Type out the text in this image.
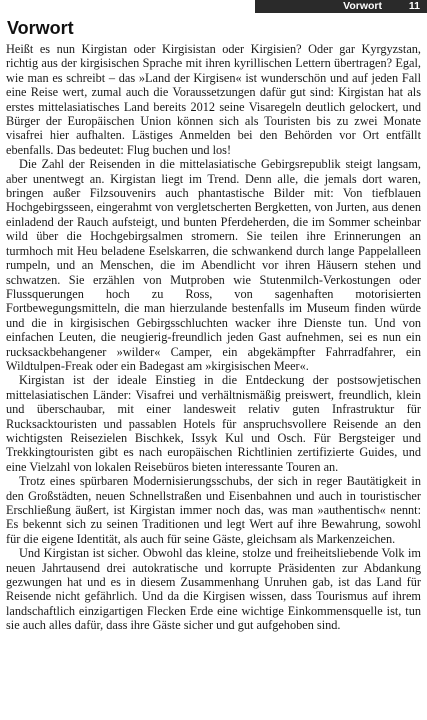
Vorwort	11
Vorwort

Heißt es nun Kirgistan oder Kirgisistan oder Kirgisien? Oder gar Kyrgyzstan, richtig aus der kirgisischen Sprache mit ihren kyrillischen Lettern übertragen? Egal, wie man es schreibt – das »Land der Kirgisen« ist wunderschön und auf jeden Fall eine Reise wert, zumal auch die Voraussetzungen dafür gut sind: Kirgistan hat als erstes mittelasiatisches Land bereits 2012 seine Visaregeln deutlich gelockert, und Bürger der Europäischen Union können sich als Touristen bis zu zwei Monate visafrei hier aufhalten. Lästiges Anmelden bei den Behörden vor Ort entfällt ebenfalls. Das bedeutet: Flug buchen und los!

Die Zahl der Reisenden in die mittelasiatische Gebirgsrepublik steigt langsam, aber unentwegt an. Kirgistan liegt im Trend. Denn alle, die jemals dort waren, bringen außer Filzsouvenirs auch phantastische Bilder mit: Von tiefblauen Hochgebirgsseen, eingerahmt von vergletscherten Bergketten, von Jurten, aus denen einladend der Rauch aufsteigt, und bunten Pferdeherden, die im Sommer scheinbar wild über die Hochgebirgsalmen stromern. Sie teilen ihre Erinnerungen an turmhoch mit Heu beladene Eselskarren, die schwankend durch lange Pappelalleen rumpeln, und an Menschen, die im Abendlicht vor ihren Häusern stehen und schwatzen. Sie erzählen von Mutproben wie Stutenmilch-Verkostungen oder Flussquerungen hoch zu Ross, von sagenhaften motorisierten Fortbewegungsmitteln, die man hierzulande bestenfalls im Museum finden würde und die in kirgisischen Gebirgsschluchten wacker ihre Dienste tun. Und von einfachen Leuten, die neugierig-freundlich jeden Gast aufnehmen, sei es nun ein rucksackbehangener »wilder« Camper, ein abgekämpfter Fahrradfahrer, ein Wildtulpen-Freak oder ein Badegast am »kirgisischen Meer«.

Kirgistan ist der ideale Einstieg in die Entdeckung der postsowjetischen mittelasiatischen Länder: Visafrei und verhältnismäßig preiswert, freundlich, klein und überschaubar, mit einer landesweit relativ guten Infrastruktur für Rucksacktouristen und passablen Hotels für anspruchsvollere Reisende an den wichtigsten Reisezielen Bischkek, Issyk Kul und Osch. Für Bergsteiger und Trekkingtouristen gibt es nach europäischen Richtlinien zertifizierte Guides, und eine Vielzahl von lokalen Reisebüros bieten interessante Touren an.

Trotz eines spürbaren Modernisierungsschubs, der sich in reger Bautätigkeit in den Großstädten, neuen Schnellstraßen und Eisenbahnen und auch in touristischer Erschließung äußert, ist Kirgistan immer noch das, was man »authentisch« nennt: Es bekennt sich zu seinen Traditionen und legt Wert auf ihre Bewahrung, sowohl für die eigene Identität, als auch für seine Gäste, gleichsam als Markenzeichen.

Und Kirgistan ist sicher. Obwohl das kleine, stolze und freiheitsliebende Volk im neuen Jahrtausend drei autokratische und korrupte Präsidenten zur Abdankung gezwungen hat und es in diesem Zusammenhang Unruhen gab, ist das Land für Reisende nicht gefährlich. Und da die Kirgisen wissen, dass Tourismus auf ihrem landschaftlich einzigartigen Flecken Erde eine wichtige Einkommensquelle ist, tun sie auch alles dafür, dass ihre Gäste sicher und gut aufgehoben sind.
